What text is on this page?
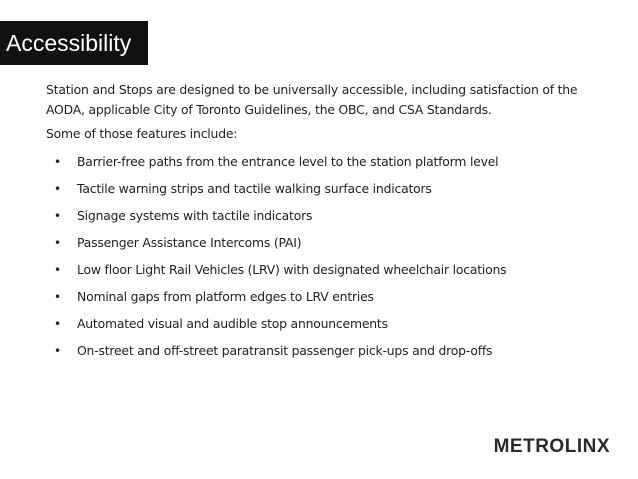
Accessibility

Station and Stops are designed to be universally accessible, including satisfaction of the AODA, applicable City of Toronto Guidelines, the OBC, and CSA Standards.

Some of those features include:

• Barrier-free paths from the entrance level to the station platform level
• Tactile warning strips and tactile walking surface indicators
• Signage systems with tactile indicators
• Passenger Assistance Intercoms (PAI)
• Low floor Light Rail Vehicles (LRV) with designated wheelchair locations
• Nominal gaps from platform edges to LRV entries
• Automated visual and audible stop announcements
• On-street and off-street paratransit passenger pick-ups and drop-offs
METROLINX
